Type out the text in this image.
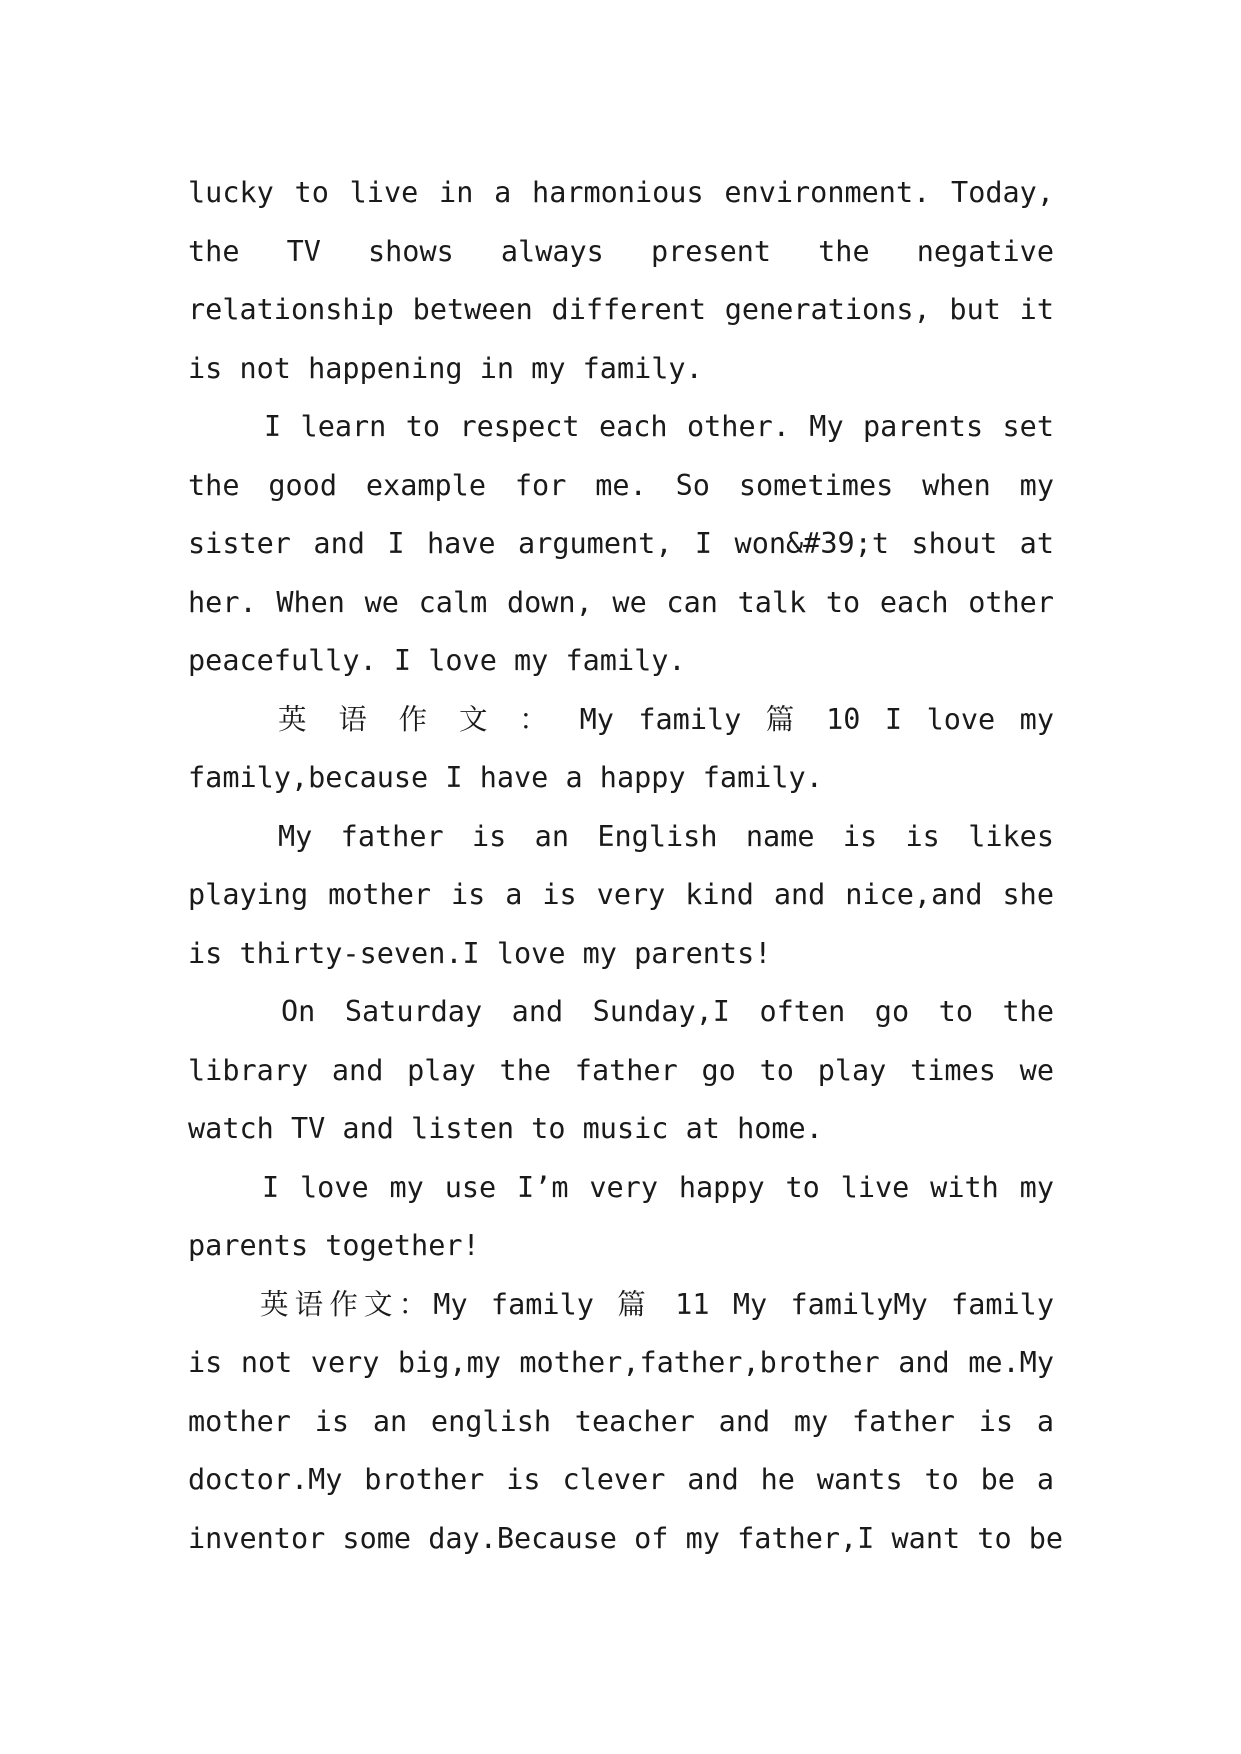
lucky to live in a harmonious environment. Today,
the TV shows always present the negative
relationship between different generations, but it
is not happening in my family.
I learn to respect each other. My parents set
the good example for me. So sometimes when my
sister and I have argument, I won&#39;t shout at
her. When we calm down, we can talk to each other
peacefully. I love my family.
英 语 作 文 ： My family 篇 10 I love my
family,because I have a happy family.
My father is an English name is is likes
playing mother is a is very kind and nice,and she
is thirty-seven.I love my parents!
On Saturday and Sunday,I often go to the
library and play the father go to play times we
watch TV and listen to music at home.
I love my use I’m very happy to live with my
parents together!
英语作文：My family 篇 11 My familyMy family
is not very big,my mother,father,brother and me.My
mother is an english teacher and my father is a
doctor.My brother is clever and he wants to be a
inventor some day.Because of my father,I want to be
